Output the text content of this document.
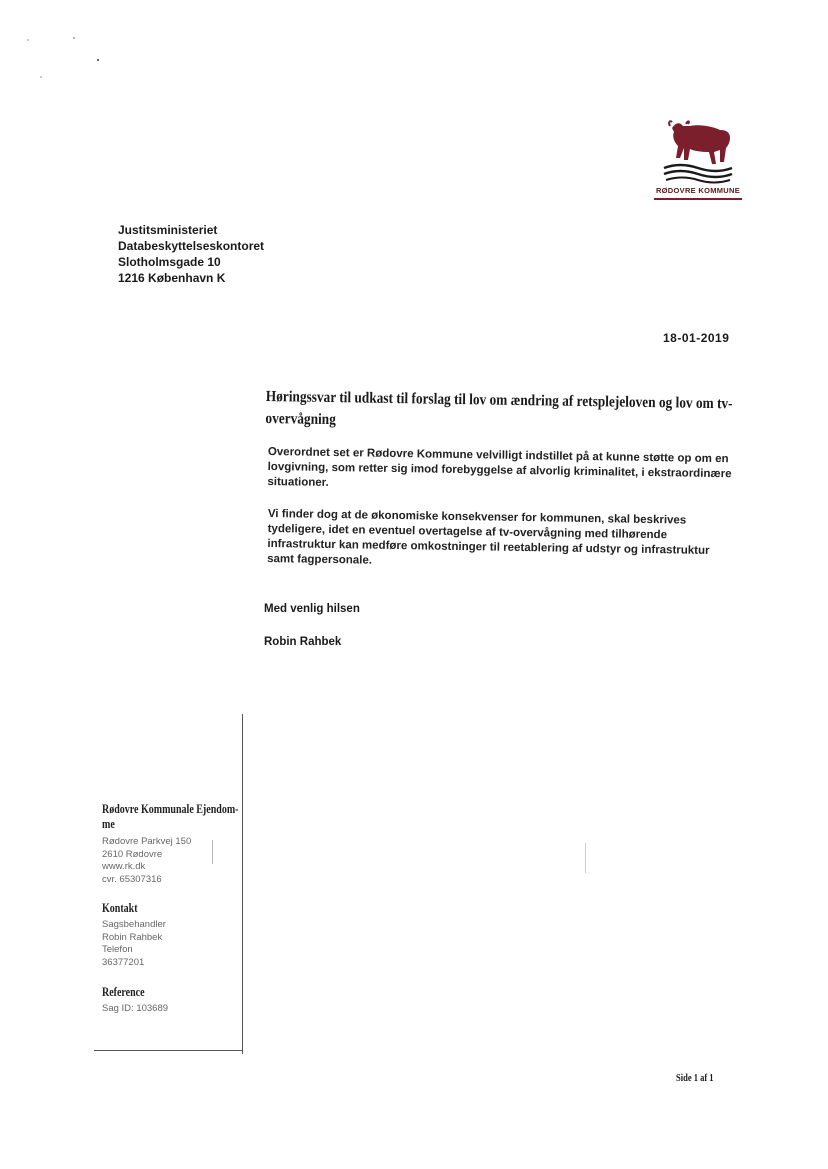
RØDOVRE KOMMUNE
Justitsministeriet
Databeskyttelseskontoret
Slotholmsgade 10
1216 København K
18-01-2019
Høringssvar til udkast til forslag til lov om ændring af retsplejeloven og lov om tv-overvågning
Overordnet set er Rødovre Kommune velvilligt indstillet på at kunne støtte op om en lovgivning, som retter sig imod forebyggelse af alvorlig kriminalitet, i ekstraordinære situationer.
Vi finder dog at de økonomiske konsekvenser for kommunen, skal beskrives tydeligere, idet en eventuel overtagelse af tv-overvågning med tilhørende infrastruktur kan medføre omkostninger til reetablering af udstyr og infrastruktur samt fagpersonale.
Med venlig hilsen
Robin Rahbek
Rødovre Kommunale Ejendom-
me
Rødovre Parkvej 150
2610 Rødovre
www.rk.dk
cvr. 65307316
Kontakt
Sagsbehandler
Robin Rahbek
Telefon
36377201
Reference
Sag ID: 103689
Side 1 af 1
